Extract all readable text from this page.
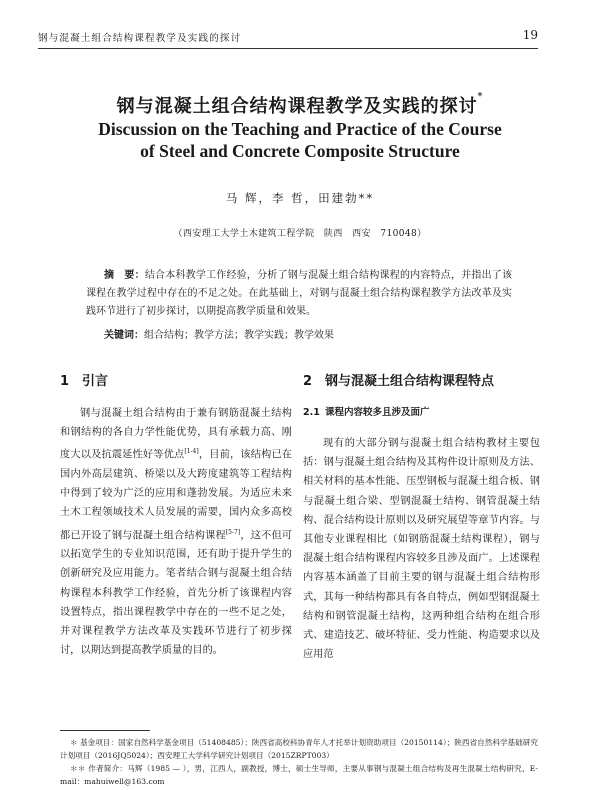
钢与混凝土组合结构课程教学及实践的探讨	19
钢与混凝土组合结构课程教学及实践的探讨*
Discussion on the Teaching and Practice of the Course
of Steel and Concrete Composite Structure
马 辉，李 哲，田建勃**
（西安理工大学土木建筑工程学院　陕西　西安　710048）
摘　要：结合本科教学工作经验，分析了钢与混凝土组合结构课程的内容特点，并指出了该课程在教学过程中存在的不足之处。在此基础上，对钢与混凝土组合结构课程教学方法改革及实践环节进行了初步探讨，以期提高教学质量和效果。
关键词：组合结构；教学方法；教学实践；教学效果
1 引言

钢与混凝土组合结构由于兼有钢筋混凝土结构和钢结构的各自力学性能优势，具有承载力高、刚度大以及抗震延性好等优点[1-4]，目前，该结构已在国内外高层建筑、桥梁以及大跨度建筑等工程结构中得到了较为广泛的应用和蓬勃发展。为适应未来土木工程领域技术人员发展的需要，国内众多高校都已开设了钢与混凝土组合结构课程[5-7]，这不但可以拓宽学生的专业知识范围，还有助于提升学生的创新研究及应用能力。笔者结合钢与混凝土组合结构课程本科教学工作经验，首先分析了该课程内容设置特点，指出课程教学中存在的一些不足之处，并对课程教学方法改革及实践环节进行了初步探讨，以期达到提高教学质量的目的。

2 钢与混凝土组合结构课程特点
2.1 课程内容较多且涉及面广

现有的大部分钢与混凝土组合结构教材主要包括：钢与混凝土组合结构及其构件设计原则及方法、相关材料的基本性能、压型钢板与混凝土组合板、钢与混凝土组合梁、型钢混凝土结构、钢管混凝土结构、混合结构设计原则以及研究展望等章节内容。与其他专业课程相比（如钢筋混凝土结构课程），钢与混凝土组合结构课程内容较多且涉及面广。上述课程内容基本涵盖了目前主要的钢与混凝土组合结构形式，其每一种结构都具有各自特点，例如型钢混凝土结构和钢管混凝土结构，这两种组合结构在组合形式、建造技艺、破坏特征、受力性能、构造要求以及应用范

＊ 基金项目：国家自然科学基金项目（51408485）；陕西省高校科协青年人才托举计划资助项目（20150114）；陕西省自然科学基础研究计划项目（2016JQ5024）；西安理工大学科学研究计划项目（2015ZRPT003）

＊＊ 作者简介：马辉（1985 — ），男，江西人，副教授，博士，硕士生导师，主要从事钢与混凝土组合结构及再生混凝土结构研究，E-mail：mahuiwell@163.com
